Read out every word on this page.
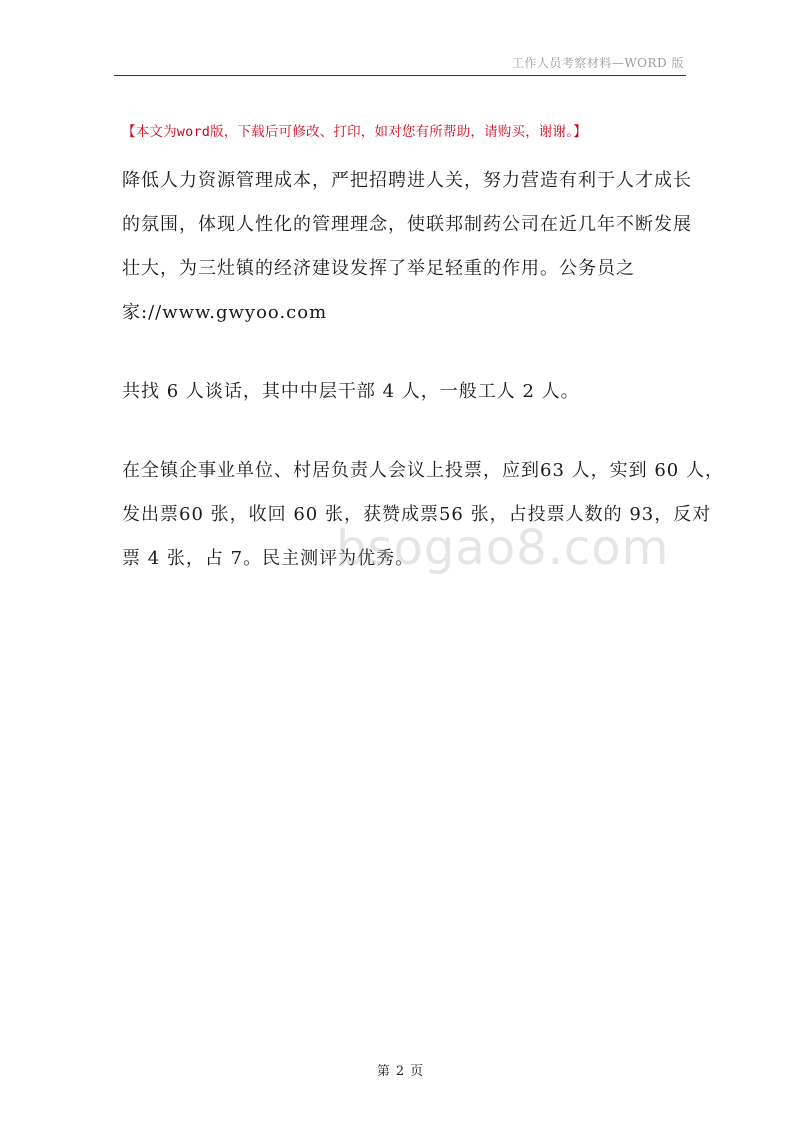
工作人员考察材料—WORD 版
【本文为word版，下载后可修改、打印，如对您有所帮助，请购买，谢谢。】
降低人力资源管理成本，严把招聘进人关，努力营造有利于人才成长
的氛围，体现人性化的管理理念，使联邦制药公司在近几年不断发展
壮大，为三灶镇的经济建设发挥了举足轻重的作用。公务员之
家://www.gwyoo.com
共找 6 人谈话，其中中层干部 4 人，一般工人 2 人。
在全镇企事业单位、村居负责人会议上投票，应到63 人，实到 60 人，
发出票60 张，收回 60 张，获赞成票56 张，占投票人数的 93，反对
票 4 张，占 7。民主测评为优秀。
bsogao8.com
第 2 页
